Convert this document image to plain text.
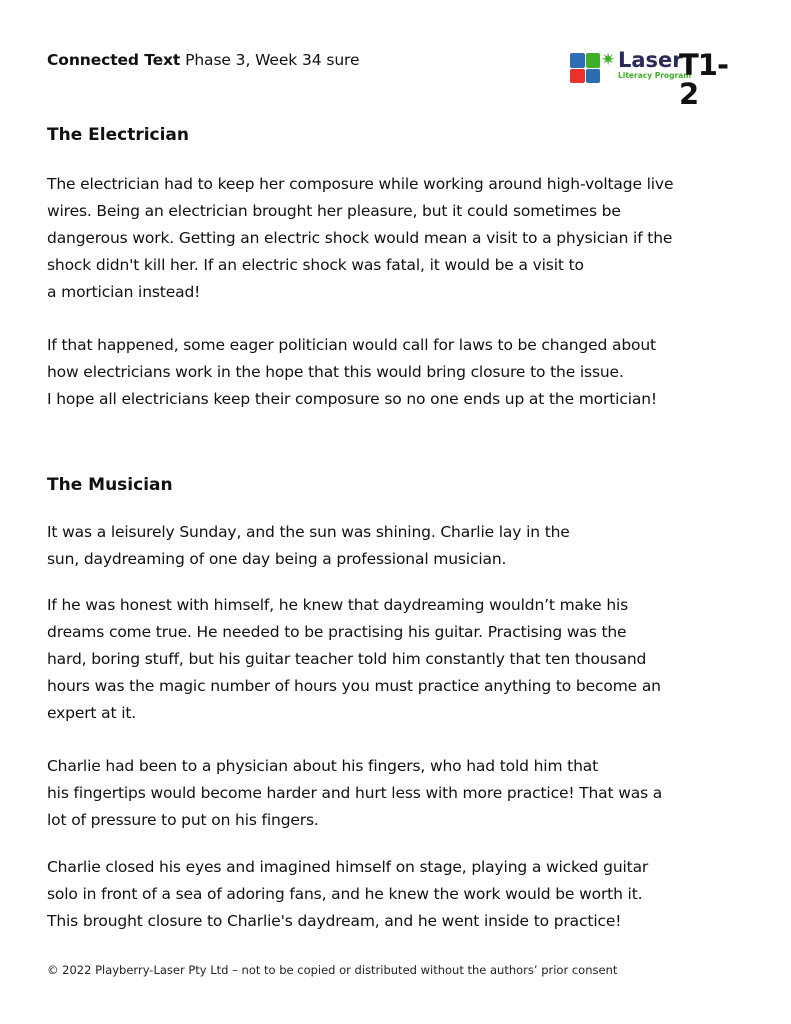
Connected Text Phase 3, Week 34 sure	✷ Laser
Literacy Program
T1-2
The Electrician

The electrician had to keep her composure while working around high-voltage live
wires. Being an electrician brought her pleasure, but it could sometimes be
dangerous work. Getting an electric shock would mean a visit to a physician if the
shock didn't kill her. If an electric shock was fatal, it would be a visit to
a mortician instead!

If that happened, some eager politician would call for laws to be changed about
how electricians work in the hope that this would bring closure to the issue.
I hope all electricians keep their composure so no one ends up at the mortician!

The Musician

It was a leisurely Sunday, and the sun was shining. Charlie lay in the
sun, daydreaming of one day being a professional musician.

If he was honest with himself, he knew that daydreaming wouldn’t make his
dreams come true. He needed to be practising his guitar. Practising was the
hard, boring stuff, but his guitar teacher told him constantly that ten thousand
hours was the magic number of hours you must practice anything to become an
expert at it.

Charlie had been to a physician about his fingers, who had told him that
his fingertips would become harder and hurt less with more practice! That was a
lot of pressure to put on his fingers.

Charlie closed his eyes and imagined himself on stage, playing a wicked guitar
solo in front of a sea of adoring fans, and he knew the work would be worth it.
This brought closure to Charlie's daydream, and he went inside to practice!

© 2022 Playberry-Laser Pty Ltd – not to be copied or distributed without the authors’ prior consent
